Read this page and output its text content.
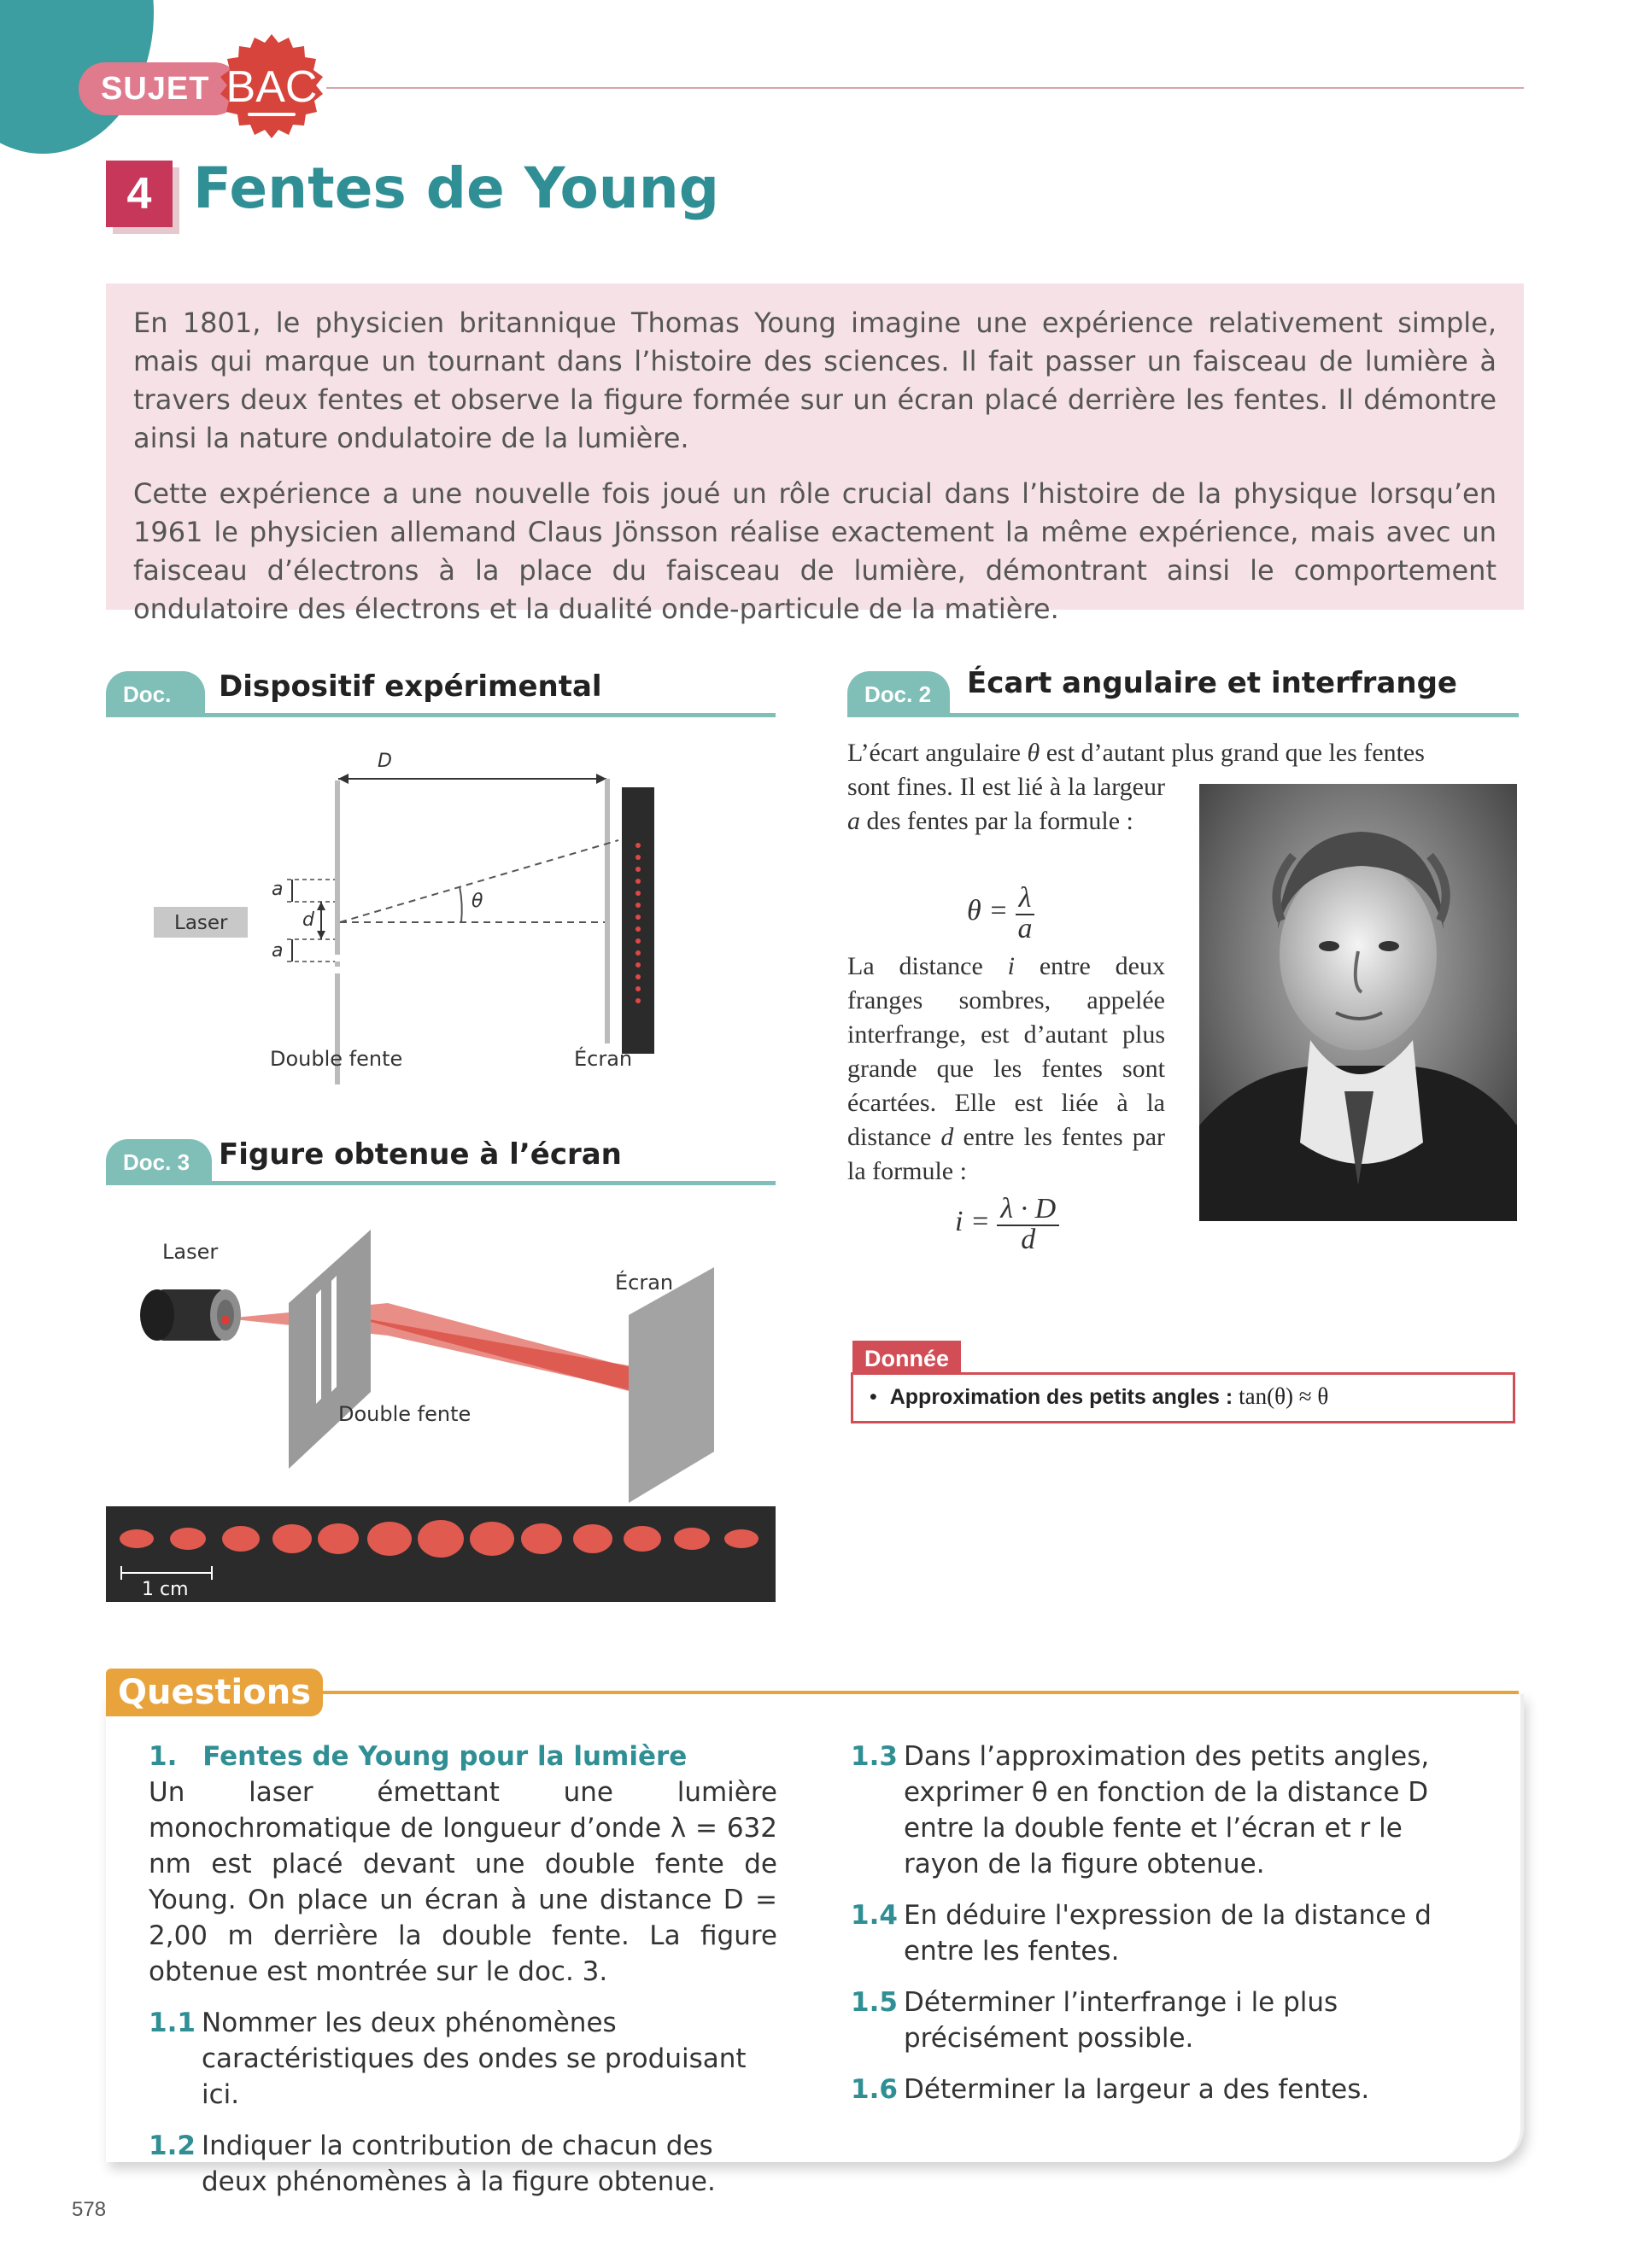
SUJET BAC
4 Fentes de Young

En 1801, le physicien britannique Thomas Young imagine une expérience relativement simple, mais qui marque un tournant dans l’histoire des sciences. Il fait passer un faisceau de lumière à travers deux fentes et observe la figure formée sur un écran placé derrière les fentes. Il démontre ainsi la nature ondulatoire de la lumière.

Cette expérience a une nouvelle fois joué un rôle crucial dans l’histoire de la physique lorsqu’en 1961 le physicien allemand Claus Jönsson réalise exactement la même expérience, mais avec un faisceau d’électrons à la place du faisceau de lumière, démontrant ainsi le comportement ondulatoire des électrons et la dualité onde-particule de la matière.

Doc. 1
Dispositif expérimental
D
a
a
d
θ
Laser
Double fente	Écran
Doc. 3 Figure obtenue à l’écran
Laser
Écran
Double fente
1 cm
Doc. 2	Écart angulaire et interfrange
L’écart angulaire θ est d’autant plus grand que les fentes
sont fines. Il est lié à la largeur a des fentes par la formule :
$\theta = \frac{\lambda}{a}$
La distance i entre deux franges sombres, appelée interfrange, est d’autant plus grande que les fentes sont écartées. Elle est liée à la distance d entre les fentes par la formule :
$i = \frac{\lambda \cdot D}{d}$
Donnée
• Approximation des petits angles : tan(θ) ≈ θ
Questions
1. Fentes de Young pour la lumière
Un laser émettant une lumière monochromatique de longueur d’onde λ = 632 nm est placé devant une double fente de Young. On place un écran à une distance D = 2,00 m derrière la double fente. La figure obtenue est montrée sur le doc. 3.
1.1 Nommer les deux phénomènes caractéristiques des ondes se produisant ici.
1.2 Indiquer la contribution de chacun des deux phénomènes à la figure obtenue.
1.3 Dans l’approximation des petits angles, exprimer θ en fonction de la distance D entre la double fente et l’écran et r le rayon de la figure obtenue.
1.4 En déduire l'expression de la distance d entre les fentes.
1.5 Déterminer l’interfrange i le plus précisément possible.
1.6 Déterminer la largeur a des fentes.
578
